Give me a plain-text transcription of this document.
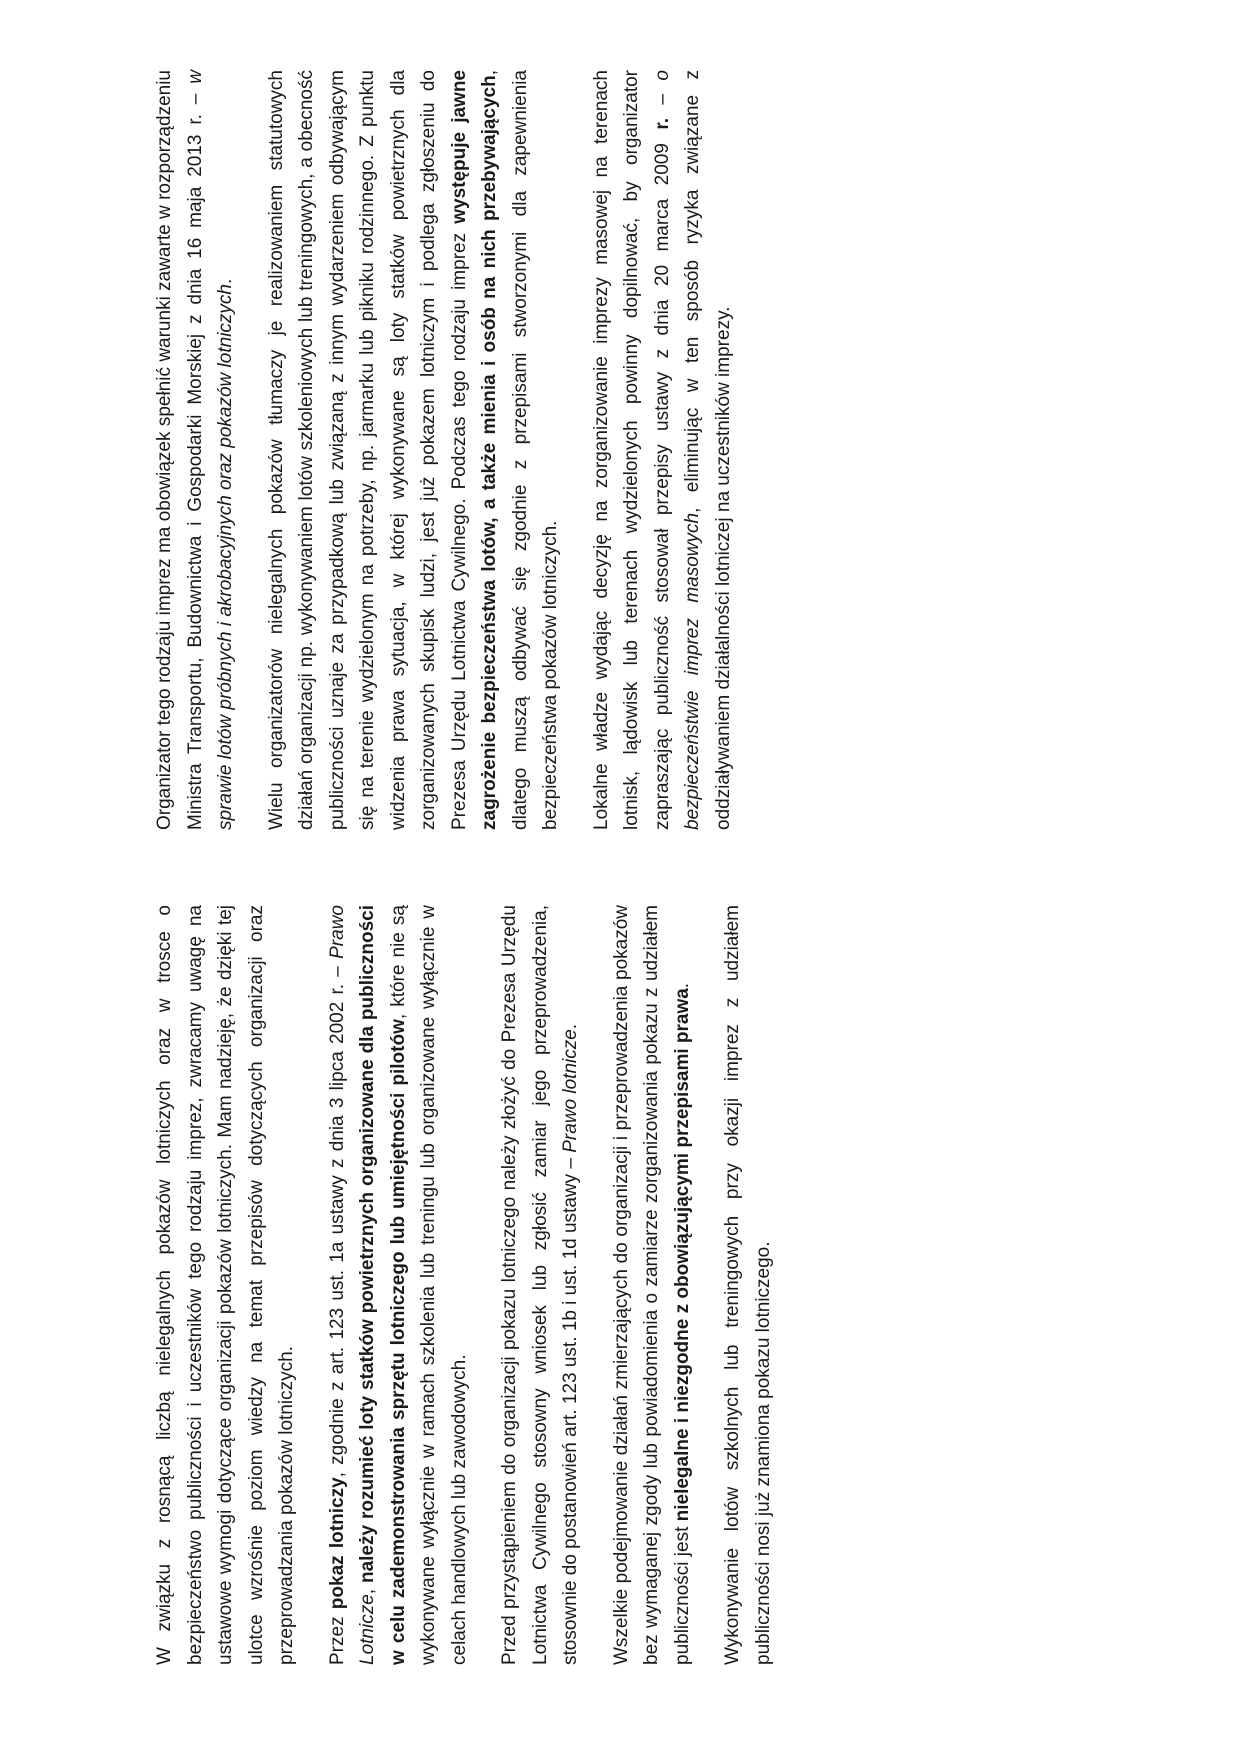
W związku z rosnącą liczbą nielegalnych pokazów lotniczych oraz w trosce o bezpieczeństwo publiczności i uczestników tego rodzaju imprez, zwracamy uwagę na ustawowe wymogi dotyczące organizacji pokazów lotniczych. Mam nadzieję, że dzięki tej ulotce wzrośnie poziom wiedzy na temat przepisów dotyczących organizacji oraz przeprowadzania pokazów lotniczych. Przez pokaz lotniczy, zgodnie z art. 123 ust. 1a ustawy z dnia 3 lipca 2002 r. – Prawo Lotnicze, należy rozumieć loty statków powietrznych organizowane dla publiczności w celu zademonstrowania sprzętu lotniczego lub umiejętności pilotów, które nie są wykonywane wyłącznie w ramach szkolenia lub treningu lub organizowane wyłącznie w celach handlowych lub zawodowych. Przed przystąpieniem do organizacji pokazu lotniczego należy złożyć do Prezesa Urzędu Lotnictwa Cywilnego stosowny wniosek lub zgłosić zamiar jego przeprowadzenia, stosownie do postanowień art. 123 ust. 1b i ust. 1d ustawy – Prawo lotnicze. Wszelkie podejmowanie działań zmierzających do organizacji i przeprowadzenia pokazów bez wymaganej zgody lub powiadomienia o zamiarze zorganizowania pokazu z udziałem publiczności jest nielegalne i niezgodne z obowiązującymi przepisami prawa. Wykonywanie lotów szkolnych lub treningowych przy okazji imprez z udziałem publiczności nosi już znamiona pokazu lotniczego.

Organizator tego rodzaju imprez ma obowiązek spełnić warunki zawarte w rozporządzeniu Ministra Transportu, Budownictwa i Gospodarki Morskiej z dnia 16 maja 2013 r. – w sprawie lotów próbnych i akrobacyjnych oraz pokazów lotniczych. Wielu organizatorów nielegalnych pokazów tłumaczy je realizowaniem statutowych działań organizacji np. wykonywaniem lotów szkoleniowych lub treningowych, a obecność publiczności uznaje za przypadkową lub związaną z innym wydarzeniem odbywającym się na terenie wydzielonym na potrzeby, np. jarmarku lub pikniku rodzinnego. Z punktu widzenia prawa sytuacja, w której wykonywane są loty statków powietrznych dla zorganizowanych skupisk ludzi, jest już pokazem lotniczym i podlega zgłoszeniu do Prezesa Urzędu Lotnictwa Cywilnego. Podczas tego rodzaju imprez występuje jawne zagrożenie bezpieczeństwa lotów, a także mienia i osób na nich przebywających, dlatego muszą odbywać się zgodnie z przepisami stworzonymi dla zapewnienia bezpieczeństwa pokazów lotniczych. Lokalne władze wydając decyzję na zorganizowanie imprezy masowej na terenach lotnisk, lądowisk lub terenach wydzielonych powinny dopilnować, by organizator zapraszając publiczność stosował przepisy ustawy z dnia 20 marca 2009 r. – o bezpieczeństwie imprez masowych, eliminując w ten sposób ryzyka związane z oddziaływaniem działalności lotniczej na uczestników imprezy.
